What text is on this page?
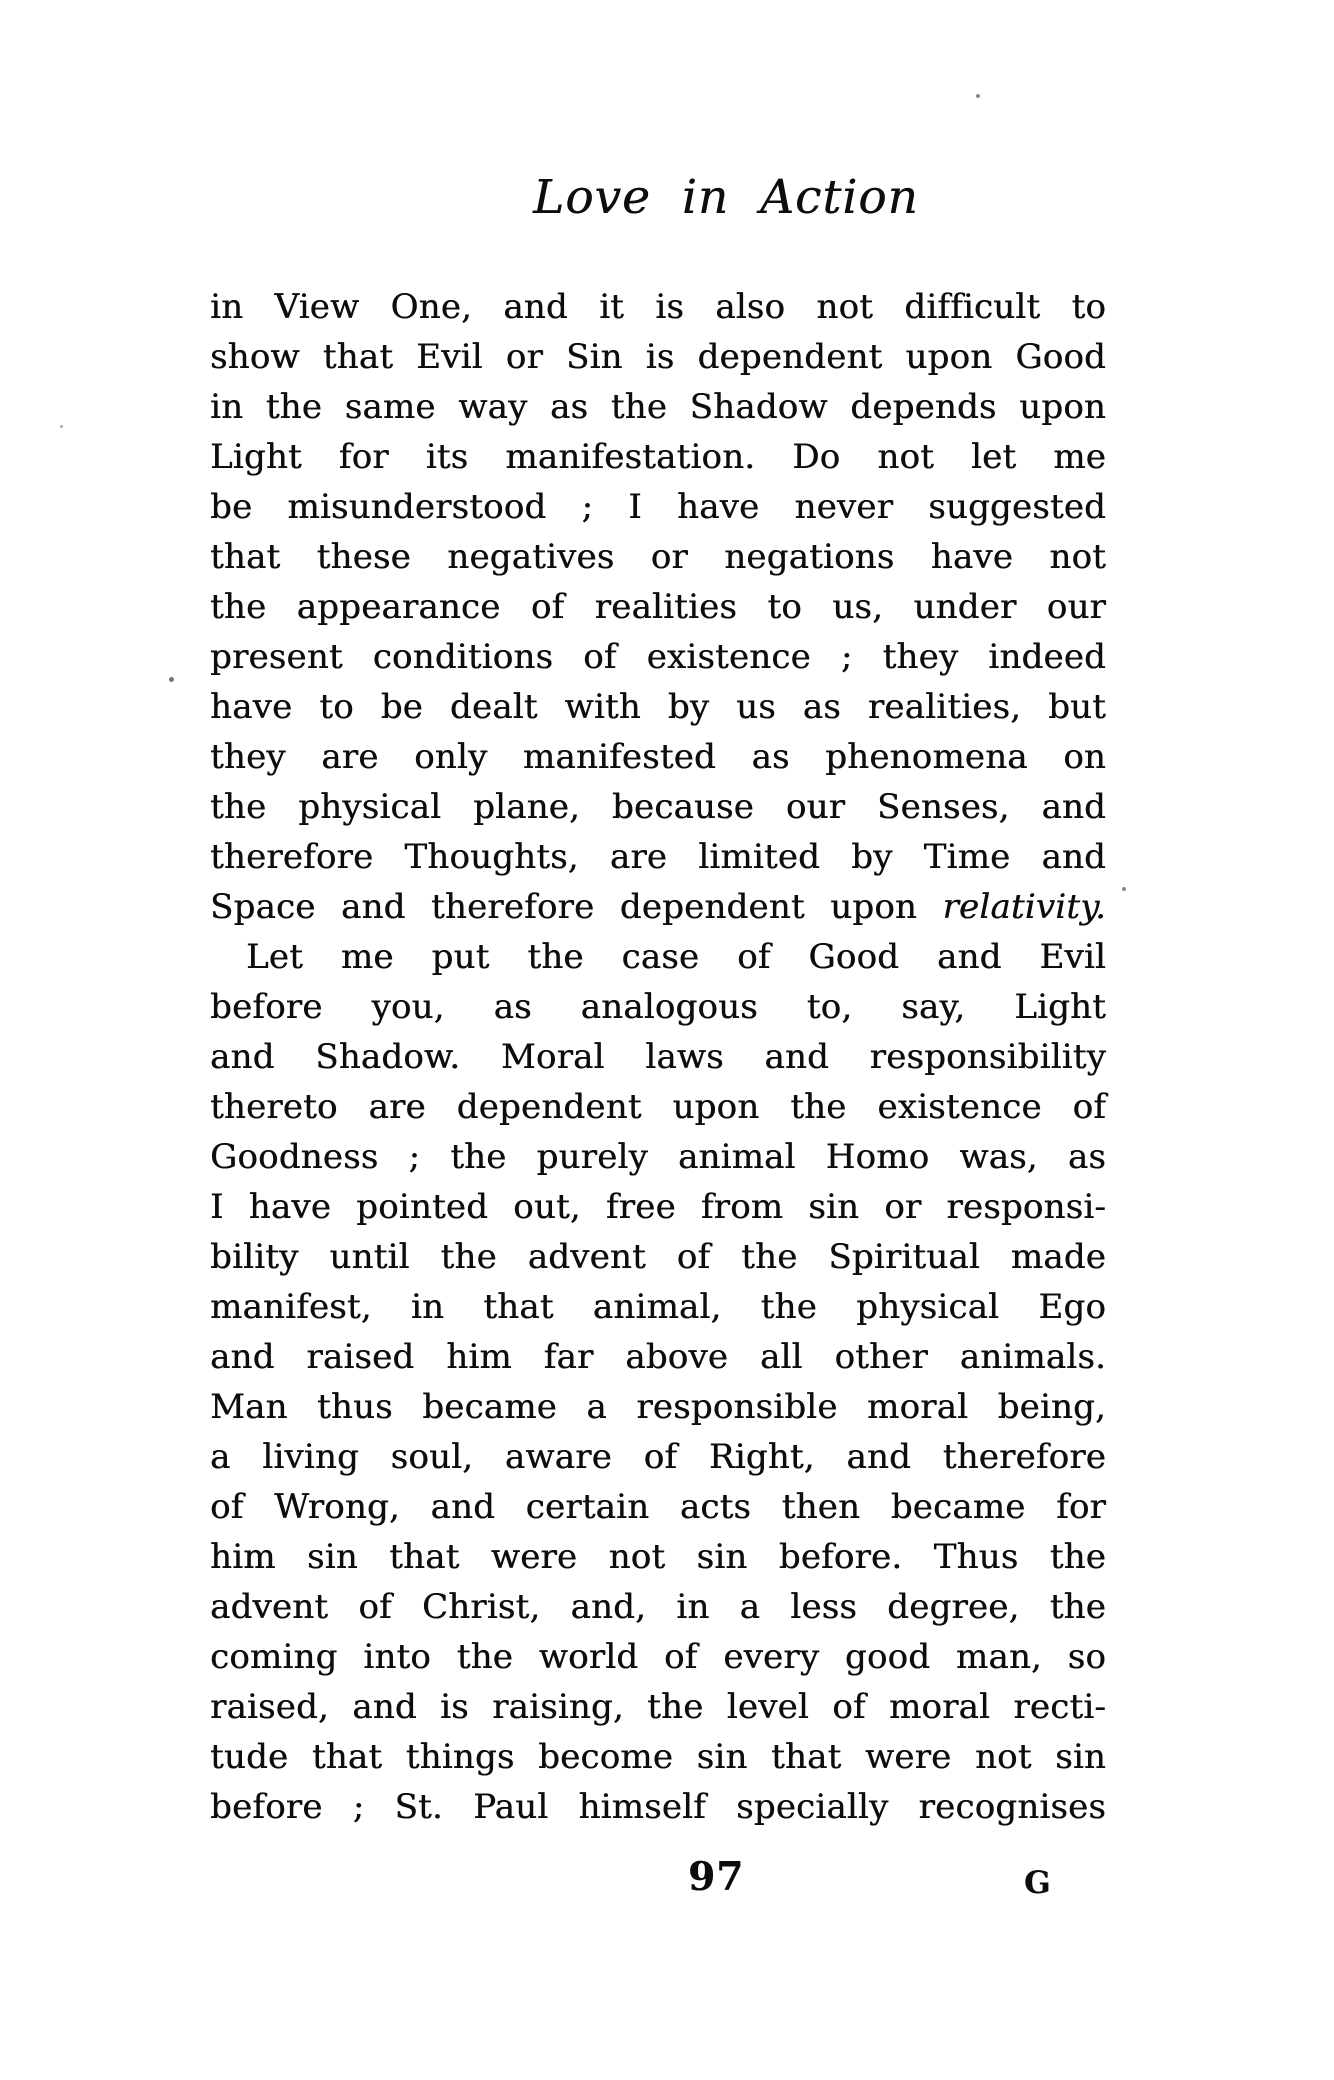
Love in Action
in View One, and it is also not difficult to
show that Evil or Sin is dependent upon Good
in the same way as the Shadow depends upon
Light for its manifestation. Do not let me
be misunderstood ; I have never suggested
that these negatives or negations have not
the appearance of realities to us, under our
present conditions of existence ; they indeed
have to be dealt with by us as realities, but
they are only manifested as phenomena on
the physical plane, because our Senses, and
therefore Thoughts, are limited by Time and
Space and therefore dependent upon relativity.
Let me put the case of Good and Evil
before you, as analogous to, say, Light
and Shadow. Moral laws and responsibility
thereto are dependent upon the existence of
Goodness ; the purely animal Homo was, as
I have pointed out, free from sin or responsi-
bility until the advent of the Spiritual made
manifest, in that animal, the physical Ego
and raised him far above all other animals.
Man thus became a responsible moral being,
a living soul, aware of Right, and therefore
of Wrong, and certain acts then became for
him sin that were not sin before. Thus the
advent of Christ, and, in a less degree, the
coming into the world of every good man, so
raised, and is raising, the level of moral recti-
tude that things become sin that were not sin
before ; St. Paul himself specially recognises
97	G
